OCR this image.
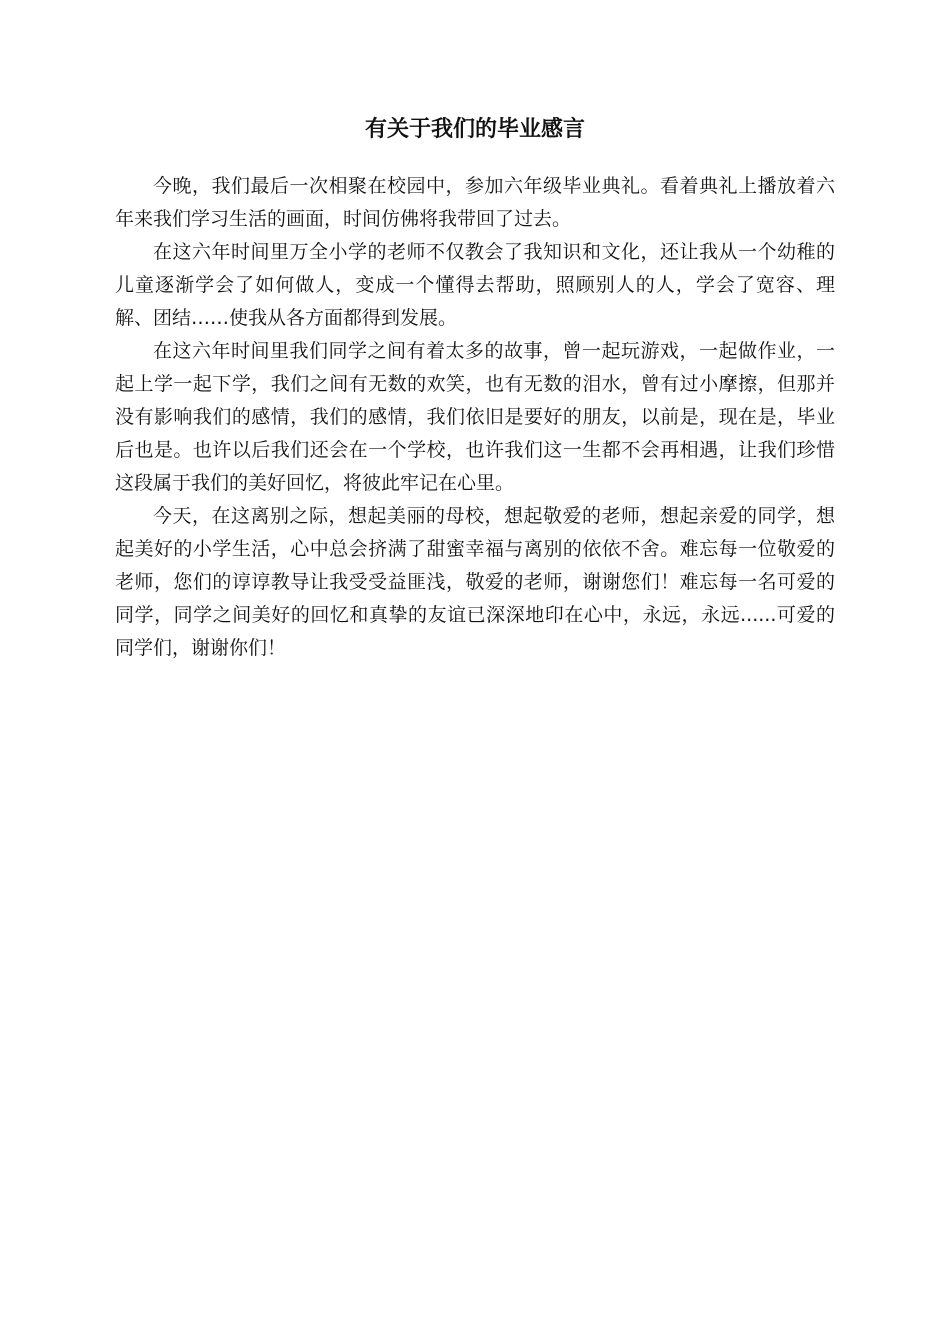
有关于我们的毕业感言

今晚，我们最后一次相聚在校园中，参加六年级毕业典礼。看着典礼上播放着六年来我们学习生活的画面，时间仿佛将我带回了过去。

在这六年时间里万全小学的老师不仅教会了我知识和文化，还让我从一个幼稚的儿童逐渐学会了如何做人，变成一个懂得去帮助，照顾别人的人，学会了宽容、理解、团结……使我从各方面都得到发展。

在这六年时间里我们同学之间有着太多的故事，曾一起玩游戏，一起做作业，一起上学一起下学，我们之间有无数的欢笑，也有无数的泪水，曾有过小摩擦，但那并没有影响我们的感情，我们的感情，我们依旧是要好的朋友，以前是，现在是，毕业后也是。也许以后我们还会在一个学校，也许我们这一生都不会再相遇，让我们珍惜这段属于我们的美好回忆，将彼此牢记在心里。

今天，在这离别之际，想起美丽的母校，想起敬爱的老师，想起亲爱的同学，想起美好的小学生活，心中总会挤满了甜蜜幸福与离别的依依不舍。难忘每一位敬爱的老师，您们的谆谆教导让我受受益匪浅，敬爱的老师，谢谢您们！难忘每一名可爱的同学，同学之间美好的回忆和真挚的友谊已深深地印在心中，永远，永远......可爱的同学们，谢谢你们！
